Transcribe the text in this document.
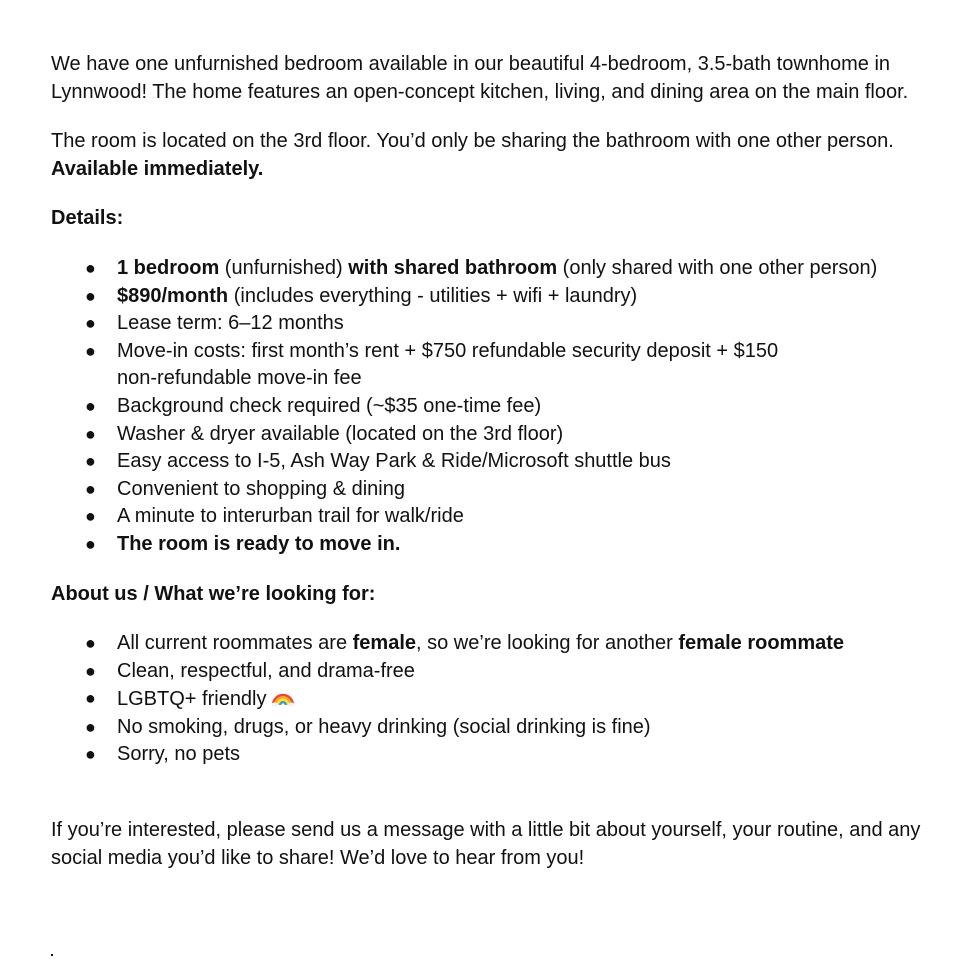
We have one unfurnished bedroom available in our beautiful 4-bedroom, 3.5-bath townhome in Lynnwood! The home features an open-concept kitchen, living, and dining area on the main floor.

The room is located on the 3rd floor. You’d only be sharing the bathroom with one other person.
Available immediately.

Details:

● 1 bedroom (unfurnished) with shared bathroom (only shared with one other person)
● $890/month (includes everything - utilities + wifi + laundry)
● Lease term: 6–12 months
● Move-in costs: first month’s rent + $750 refundable security deposit + $150 non-refundable move-in fee
● Background check required (~$35 one-time fee)
● Washer & dryer available (located on the 3rd floor)
● Easy access to I-5, Ash Way Park & Ride/Microsoft shuttle bus
● Convenient to shopping & dining
● A minute to interurban trail for walk/ride
● The room is ready to move in.

About us / What we’re looking for:

● All current roommates are female, so we’re looking for another female roommate
● Clean, respectful, and drama-free
● LGBTQ+ friendly
● No smoking, drugs, or heavy drinking (social drinking is fine)
● Sorry, no pets

If you’re interested, please send us a message with a little bit about yourself, your routine, and any social media you’d like to share! We’d love to hear from you!
